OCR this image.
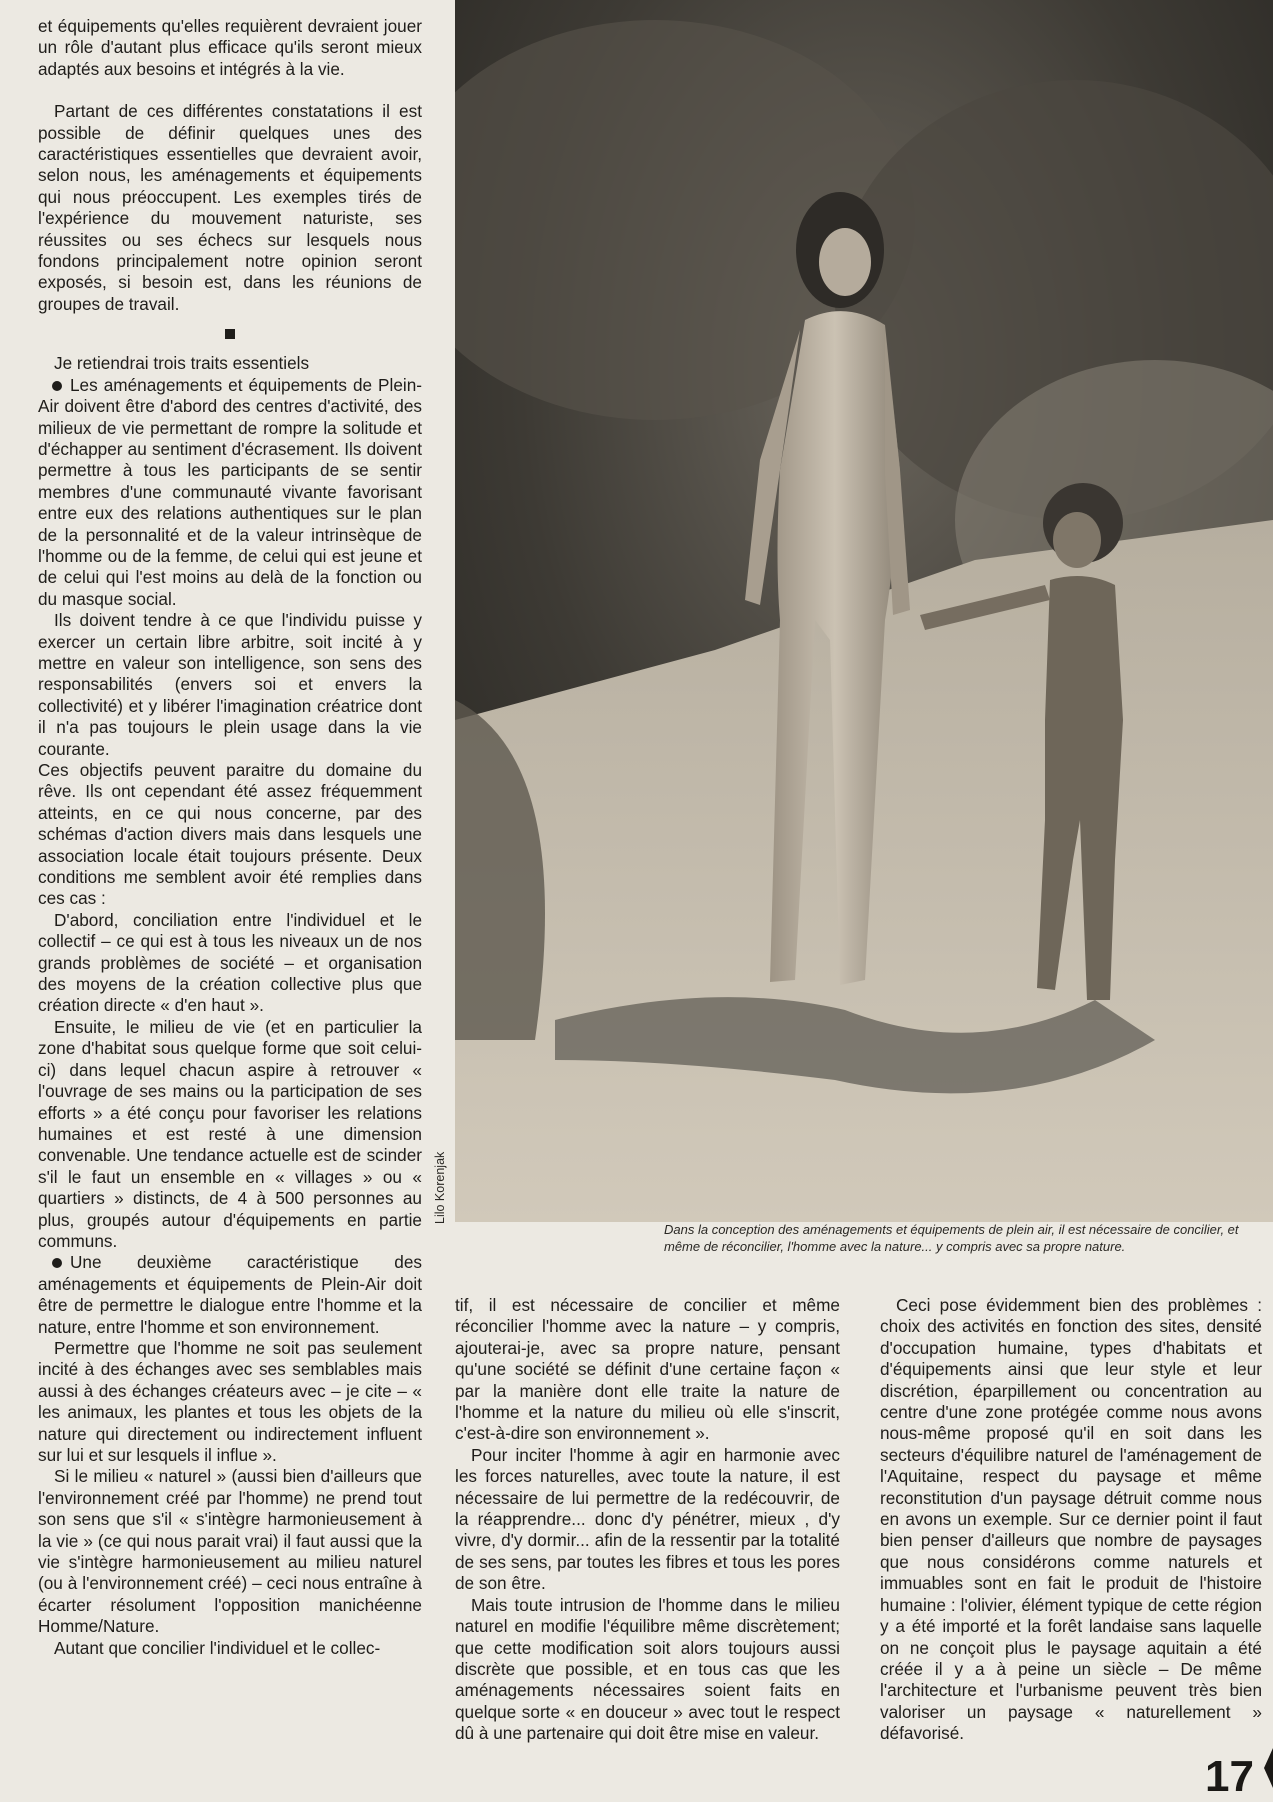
et équipements qu'elles requièrent devraient jouer un rôle d'autant plus efficace qu'ils seront mieux adaptés aux besoins et intégrés à la vie.

Partant de ces différentes constatations il est possible de définir quelques unes des caractéristiques essentielles que devraient avoir, selon nous, les aménagements et équipements qui nous préoccupent. Les exemples tirés de l'expérience du mouvement naturiste, ses réussites ou ses échecs sur lesquels nous fondons principalement notre opinion seront exposés, si besoin est, dans les réunions de groupes de travail.

Je retiendrai trois traits essentiels

Les aménagements et équipements de Plein-Air doivent être d'abord des centres d'activité, des milieux de vie permettant de rompre la solitude et d'échapper au sentiment d'écrasement. Ils doivent permettre à tous les participants de se sentir membres d'une communauté vivante favorisant entre eux des relations authentiques sur le plan de la personnalité et de la valeur intrinsèque de l'homme ou de la femme, de celui qui est jeune et de celui qui l'est moins au delà de la fonction ou du masque social.

Ils doivent tendre à ce que l'individu puisse y exercer un certain libre arbitre, soit incité à y mettre en valeur son intelligence, son sens des responsabilités (envers soi et envers la collectivité) et y libérer l'imagination créatrice dont il n'a pas toujours le plein usage dans la vie courante.

Ces objectifs peuvent paraitre du domaine du rêve. Ils ont cependant été assez fréquemment atteints, en ce qui nous concerne, par des schémas d'action divers mais dans lesquels une association locale était toujours présente. Deux conditions me semblent avoir été remplies dans ces cas :

D'abord, conciliation entre l'individuel et le collectif – ce qui est à tous les niveaux un de nos grands problèmes de société – et organisation des moyens de la création collective plus que création directe « d'en haut ».

Ensuite, le milieu de vie (et en particulier la zone d'habitat sous quelque forme que soit celui-ci) dans lequel chacun aspire à retrouver « l'ouvrage de ses mains ou la participation de ses efforts » a été conçu pour favoriser les relations humaines et est resté à une dimension convenable. Une tendance actuelle est de scinder s'il le faut un ensemble en « villages » ou « quartiers » distincts, de 4 à 500 personnes au plus, groupés autour d'équipements en partie communs.

Une deuxième caractéristique des aménagements et équipements de Plein-Air doit être de permettre le dialogue entre l'homme et la nature, entre l'homme et son environnement.

Permettre que l'homme ne soit pas seulement incité à des échanges avec ses semblables mais aussi à des échanges créateurs avec – je cite – « les animaux, les plantes et tous les objets de la nature qui directement ou indirectement influent sur lui et sur lesquels il influe ».

Si le milieu « naturel » (aussi bien d'ailleurs que l'environnement créé par l'homme) ne prend tout son sens que s'il « s'intègre harmonieusement à la vie » (ce qui nous parait vrai) il faut aussi que la vie s'intègre harmonieusement au milieu naturel (ou à l'environnement créé) – ceci nous entraîne à écarter résolument l'opposition manichéenne Homme/Nature.

Autant que concilier l'individuel et le collec-

Lilo Korenjak
Dans la conception des aménagements et équipements de plein air, il est nécessaire de concilier, et même de réconcilier, l'homme avec la nature... y compris avec sa propre nature.

tif, il est nécessaire de concilier et même réconcilier l'homme avec la nature – y compris, ajouterai-je, avec sa propre nature, pensant qu'une société se définit d'une certaine façon « par la manière dont elle traite la nature de l'homme et la nature du milieu où elle s'inscrit, c'est-à-dire son environnement ».

Pour inciter l'homme à agir en harmonie avec les forces naturelles, avec toute la nature, il est nécessaire de lui permettre de la redécouvrir, de la réapprendre... donc d'y pénétrer, mieux , d'y vivre, d'y dormir... afin de la ressentir par la totalité de ses sens, par toutes les fibres et tous les pores de son être.

Mais toute intrusion de l'homme dans le milieu naturel en modifie l'équilibre même discrètement; que cette modification soit alors toujours aussi discrète que possible, et en tous cas que les aménagements nécessaires soient faits en quelque sorte « en douceur » avec tout le respect dû à une partenaire qui doit être mise en valeur.

Ceci pose évidemment bien des problèmes : choix des activités en fonction des sites, densité d'occupation humaine, types d'habitats et d'équipements ainsi que leur style et leur discrétion, éparpillement ou concentration au centre d'une zone protégée comme nous avons nous-même proposé qu'il en soit dans les secteurs d'équilibre naturel de l'aménagement de l'Aquitaine, respect du paysage et même reconstitution d'un paysage détruit comme nous en avons un exemple. Sur ce dernier point il faut bien penser d'ailleurs que nombre de paysages que nous considérons comme naturels et immuables sont en fait le produit de l'histoire humaine : l'olivier, élément typique de cette région y a été importé et la forêt landaise sans laquelle on ne conçoit plus le paysage aquitain a été créée il y a à peine un siècle – De même l'architecture et l'urbanisme peuvent très bien valoriser un paysage « naturellement » défavorisé.

17
